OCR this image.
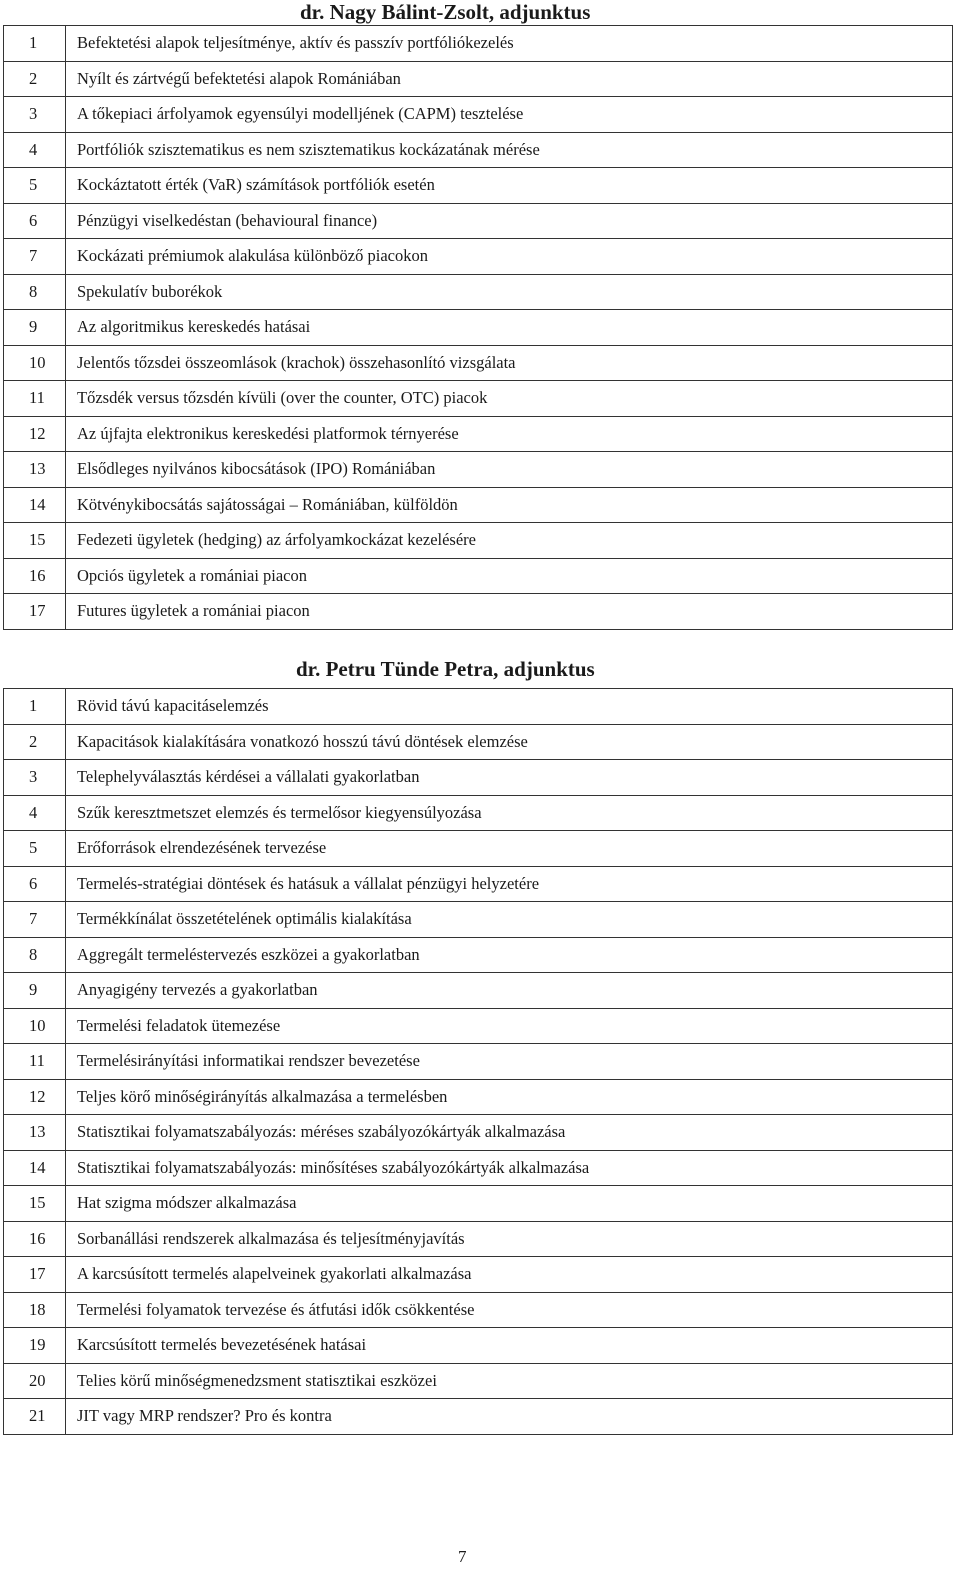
dr. Nagy Bálint-Zsolt, adjunktus
1	Befektetési alapok teljesítménye, aktív és passzív portfóliókezelés
2	Nyílt és zártvégű befektetési alapok Romániában
3	A tőkepiaci árfolyamok egyensúlyi modelljének (CAPM) tesztelése
4	Portfóliók szisztematikus es nem szisztematikus kockázatának mérése
5	Kockáztatott érték (VaR) számítások portfóliók esetén
6	Pénzügyi viselkedéstan (behavioural finance)
7	Kockázati prémiumok alakulása különböző piacokon
8	Spekulatív buborékok
9	Az algoritmikus kereskedés hatásai
10	Jelentős tőzsdei összeomlások (krachok) összehasonlító vizsgálata
11	Tőzsdék versus tőzsdén kívüli (over the counter, OTC) piacok
12	Az újfajta elektronikus kereskedési platformok térnyerése
13	Elsődleges nyilvános kibocsátások (IPO) Romániában
14	Kötvénykibocsátás sajátosságai – Romániában, külföldön
15	Fedezeti ügyletek (hedging) az árfolyamkockázat kezelésére
16	Opciós ügyletek a romániai piacon
17	Futures ügyletek a romániai piacon
dr. Petru Tünde Petra, adjunktus
1	Rövid távú kapacitáselemzés
2	Kapacitások kialakítására vonatkozó hosszú távú döntések elemzése
3	Telephelyválasztás kérdései a vállalati gyakorlatban
4	Szűk keresztmetszet elemzés és termelősor kiegyensúlyozása
5	Erőforrások elrendezésének tervezése
6	Termelés-stratégiai döntések és hatásuk a vállalat pénzügyi helyzetére
7	Termékkínálat összetételének optimális kialakítása
8	Aggregált termeléstervezés eszközei a gyakorlatban
9	Anyagigény tervezés a gyakorlatban
10	Termelési feladatok ütemezése
11	Termelésirányítási informatikai rendszer bevezetése
12	Teljes körő minőségirányítás alkalmazása a termelésben
13	Statisztikai folyamatszabályozás: méréses szabályozókártyák alkalmazása
14	Statisztikai folyamatszabályozás: minősítéses szabályozókártyák alkalmazása
15	Hat szigma módszer alkalmazása
16	Sorbanállási rendszerek alkalmazása és teljesítményjavítás
17	A karcsúsított termelés alapelveinek gyakorlati alkalmazása
18	Termelési folyamatok tervezése és átfutási idők csökkentése
19	Karcsúsított termelés bevezetésének hatásai
20	Telies körű minőségmenedzsment statisztikai eszközei
21	JIT vagy MRP rendszer? Pro és kontra
7
